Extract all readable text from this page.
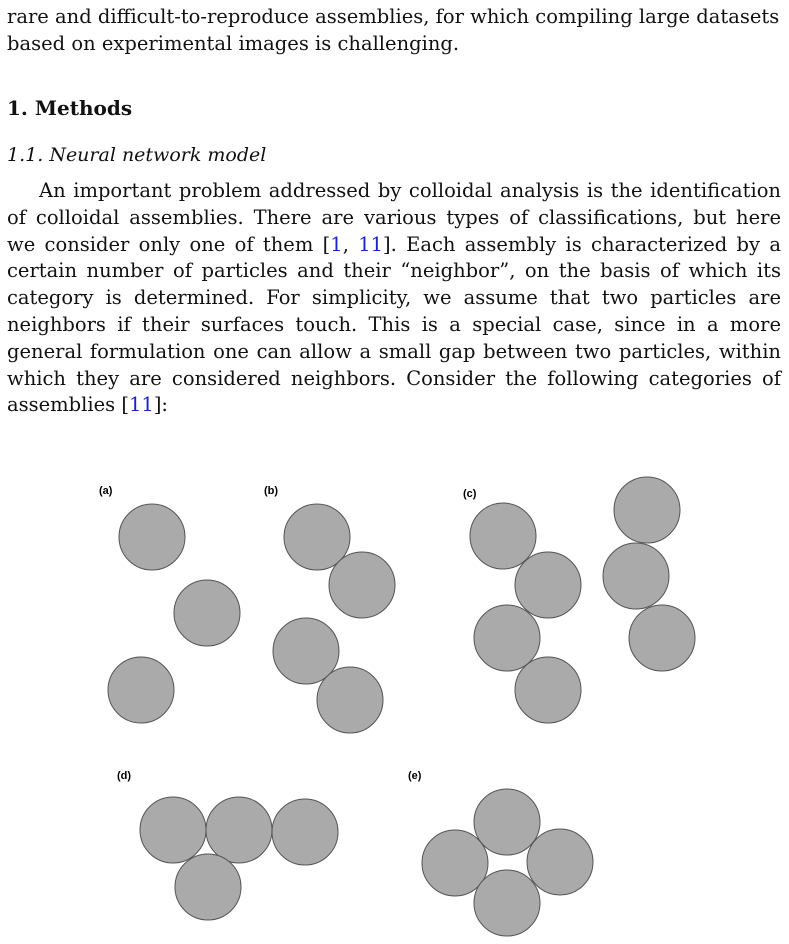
rare and difficult-to-reproduce assemblies, for which compiling large datasets
based on experimental images is challenging.
1. Methods
1.1. Neural network model
An important problem addressed by colloidal analysis is the identification
of colloidal assemblies. There are various types of classifications, but here
we consider only one of them [1, 11]. Each assembly is characterized by a
certain number of particles and their “neighbor”, on the basis of which its
category is determined. For simplicity, we assume that two particles are
neighbors if their surfaces touch. This is a special case, since in a more
general formulation one can allow a small gap between two particles, within
which they are considered neighbors. Consider the following categories of
assemblies [11]:
(a)	(b)	(c)
(d)	(e)
